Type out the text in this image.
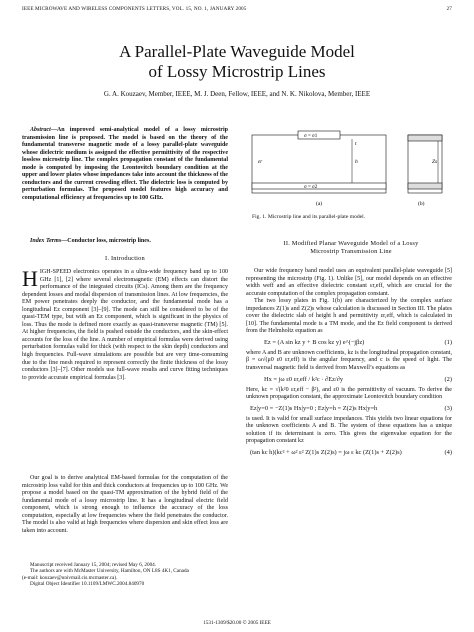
IEEE MICROWAVE AND WIRELESS COMPONENTS LETTERS, VOL. 15, NO. 1, JANUARY 2005	27
A Parallel-Plate Waveguide Model
of Lossy Microstrip Lines
G. A. Kouzaev, Member, IEEE, M. J. Deen, Fellow, IEEE, and N. K. Nikolova, Member, IEEE

Abstract—An improved semi-analytical model of a lossy microstrip transmission line is proposed. The model is based on the theory of the fundamental transverse magnetic mode of a lossy parallel-plate waveguide whose dielectric medium is assigned the effective permittivity of the respective lossless microstrip line. The complex propagation constant of the fundamental mode is computed by imposing the Leontovitch boundary condition at the upper and lower plates whose impedances take into account the thickness of the conductors and the current crowding effect. The dielectric loss is computed by perturbation formulas. The proposed model features high accuracy and computational efficiency at frequencies up to 100 GHz.

Index Terms—Conductor loss, microstrip lines.

I. Introduction

HIGH-SPEED electronics operates in a ultra-wide frequency band up to 100 GHz [1], [2] where several electromagnetic (EM) effects can distort the performance of the integrated circuits (ICs). Among them are the frequency dependent losses and modal dispersion of transmission lines. At low frequencies, the EM power penetrates deeply the conductor, and the fundamental mode has a longitudinal Ez component [3]–[9]. The mode can still be considered to be of the quasi-TEM type, but with an Ez component, which is significant in the physics of loss. Thus the mode is defined more exactly as quasi-transverse magnetic (TM) [5]. At higher frequencies, the field is pushed outside the conductors, and the skin-effect accounts for the loss of the line. A number of empirical formulas were derived using perturbation formulas valid for thick (with respect to the skin depth) conductors and high frequencies. Full-wave simulations are possible but are very time-consuming due to the fine mesh required to represent correctly the finite thickness of the lossy conductors [3]–[7]. Other models use full-wave results and curve fitting techniques to provide accurate empirical formulas [3].

Our goal is to derive analytical EM-based formulas for the computation of the microstrip loss valid for thin and thick conductors at frequencies up to 100 GHz. We propose a model based on the quasi-TM approximation of the hybrid field of the fundamental mode of a lossy microstrip line. It has a longitudinal electric field component, which is strong enough to influence the accuracy of the loss computation, especially at low frequencies where the field penetrates the conductor. The model is also valid at high frequencies where dispersion and skin effect loss are taken into account.

Manuscript received January 15, 2004; revised May 6, 2004.

The authors are with McMaster University, Hamilton, ON L8S 4K1, Canada

(e-mail: kouzaev@univmail.cis.mcmaster.ca).

Digital Object Identifier 10.1109/LMWC.2004.840970

σ = σ1
σ = σ2
εr	h
t
(a)
Zs
(b)
Fig. 1. Microstrip line and its parallel-plate model.
II. Modified Planar Waveguide Model of a Lossy
Microstrip Transmission Line

Our wide frequency band model uses an equivalent parallel-plate waveguide [5] representing the microstrip (Fig. 1). Unlike [5], our model depends on an effective width weff and an effective dielectric constant εr,eff, which are crucial for the accurate computation of the complex propagation constant.

The two lossy plates in Fig. 1(b) are characterized by the complex surface impedances Z(1)s and Z(2)s whose calculation is discussed in Section III. The plates cover the dielectric slab of height h and permittivity εr,eff, which is calculated in [10]. The fundamental mode is a TM mode, and the Ez field component is derived from the Helmholtz equation as

Ez = (A sin kz y + B cos kz y) e^(−jβz)	(1)

where A and B are unknown coefficients, kz is the longitudinal propagation constant, β = ω√(μ0 ε0 εr,eff) is the angular frequency, and c is the speed of light. The transversal magnetic field is derived from Maxwell’s equations as

Hx = jω ε0 εr,eff / k²c · ∂Ez/∂y	(2)

Here, kc = √(k²0 εr,eff − β²), and ε0 is the permittivity of vacuum. To derive the unknown propagation constant, the approximate Leontovitch boundary condition

Ez|y=0 = −Z(1)s Hx|y=0 ; Ez|y=h = Z(2)s Hx|y=h	(3)

is used. It is valid for small surface impedances. This yields two linear equations for the unknown coefficients A and B. The system of these equations has a unique solution if its determinant is zero. This gives the eigenvalue equation for the propagation constant kz

(tan kc h)(kc² + ω² ε² Z(1)s Z(2)s) = jω ε kc (Z(1)s + Z(2)s)	(4)
1531-1309/$20.00 © 2005 IEEE
